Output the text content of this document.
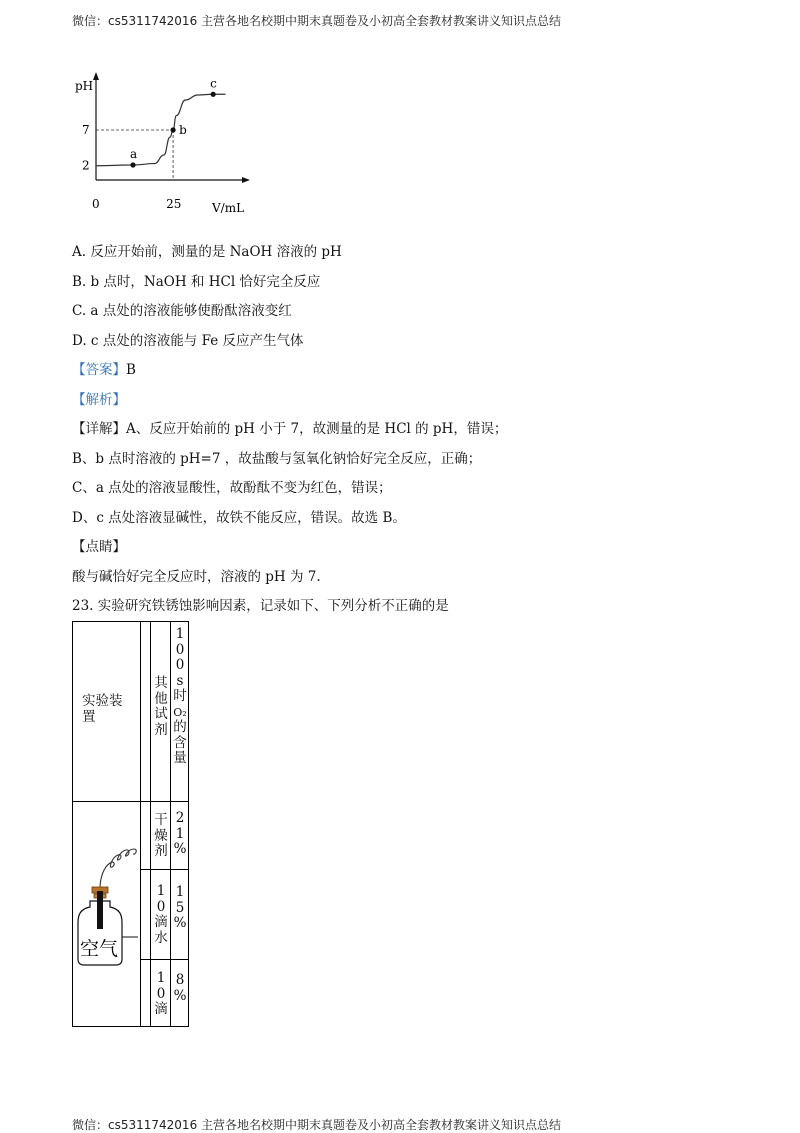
微信：cs5311742016 主营各地名校期中期末真题卷及小初高全套教材教案讲义知识点总结
pH
V/mL
0	25
2
7
a
b
c
A. 反应开始前，测量的是 NaOH 溶液的 pH
B. b 点时，NaOH 和 HCl 恰好完全反应
C. a 点处的溶液能够使酚酞溶液变红
D. c 点处的溶液能与 Fe 反应产生气体
【答案】B
【解析】
【详解】A、反应开始前的 pH 小于 7，故测量的是 HCl 的 pH，错误；
B、b 点时溶液的 pH=7 ，故盐酸与氢氧化钠恰好完全反应，正确；
C、a 点处的溶液显酸性，故酚酞不变为红色，错误；
D、c 点处溶液显碱性，故铁不能反应，错误。故选 B。
【点睛】
酸与碱恰好完全反应时，溶液的 pH 为 7.
23. 实验研究铁锈蚀影响因素，记录如下、下列分析不正确的是
实验装置
其
他
试
剂
1
0
0
s
时
O₂
的
含
量
干
燥
剂
2
1
%
1
0
滴
水
1
5
%
1
0
滴
8
%
空气
微信：cs5311742016 主营各地名校期中期末真题卷及小初高全套教材教案讲义知识点总结
